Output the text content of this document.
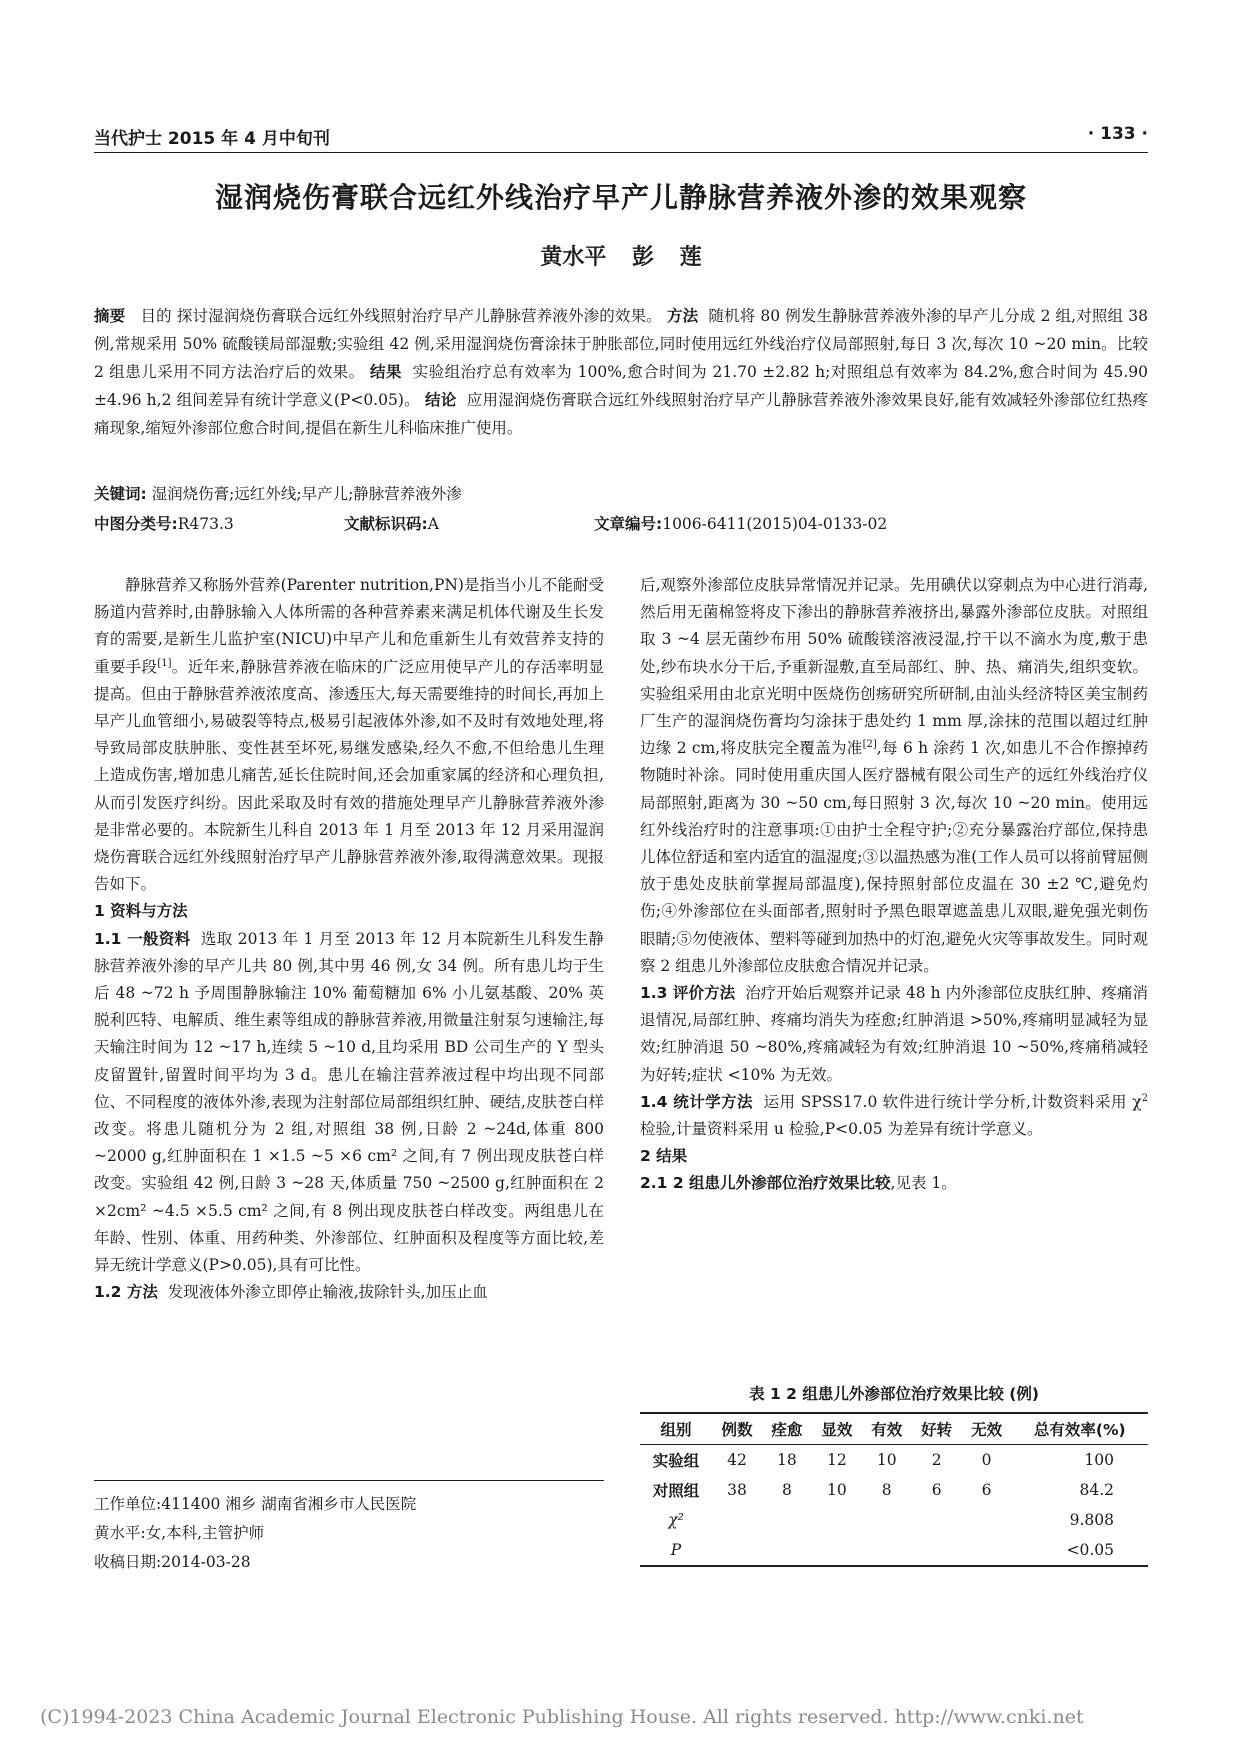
当代护士 2015 年 4 月中旬刊	· 133 ·
湿润烧伤膏联合远红外线治疗早产儿静脉营养液外渗的效果观察
黄水平 彭 莲
摘要 目的 探讨湿润烧伤膏联合远红外线照射治疗早产儿静脉营养液外渗的效果。 方法 随机将 80 例发生静脉营养液外渗的早产儿分成 2 组,对照组 38 例,常规采用 50% 硫酸镁局部湿敷;实验组 42 例,采用湿润烧伤膏涂抹于肿胀部位,同时使用远红外线治疗仪局部照射,每日 3 次,每次 10 ~20 min。比较 2 组患儿采用不同方法治疗后的效果。 结果 实验组治疗总有效率为 100%,愈合时间为 21.70 ±2.82 h;对照组总有效率为 84.2%,愈合时间为 45.90 ±4.96 h,2 组间差异有统计学意义(P<0.05)。 结论 应用湿润烧伤膏联合远红外线照射治疗早产儿静脉营养液外渗效果良好,能有效减轻外渗部位红热疼痛现象,缩短外渗部位愈合时间,提倡在新生儿科临床推广使用。
关键词: 湿润烧伤膏;远红外线;早产儿;静脉营养液外渗
中图分类号:R473.3	文献标识码:A	文章编号:1006-6411(2015)04-0133-02

静脉营养又称肠外营养(Parenter nutrition,PN)是指当小儿不能耐受肠道内营养时,由静脉输入人体所需的各种营养素来满足机体代谢及生长发育的需要,是新生儿监护室(NICU)中早产儿和危重新生儿有效营养支持的重要手段[1]。近年来,静脉营养液在临床的广泛应用使早产儿的存活率明显提高。但由于静脉营养液浓度高、渗透压大,每天需要维持的时间长,再加上早产儿血管细小,易破裂等特点,极易引起液体外渗,如不及时有效地处理,将导致局部皮肤肿胀、变性甚至坏死,易继发感染,经久不愈,不但给患儿生理上造成伤害,增加患儿痛苦,延长住院时间,还会加重家属的经济和心理负担,从而引发医疗纠纷。因此采取及时有效的措施处理早产儿静脉营养液外渗是非常必要的。本院新生儿科自 2013 年 1 月至 2013 年 12 月采用湿润烧伤膏联合远红外线照射治疗早产儿静脉营养液外渗,取得满意效果。现报告如下。

1 资料与方法

1.1 一般资料 选取 2013 年 1 月至 2013 年 12 月本院新生儿科发生静脉营养液外渗的早产儿共 80 例,其中男 46 例,女 34 例。所有患儿均于生后 48 ~72 h 予周围静脉输注 10% 葡萄糖加 6% 小儿氨基酸、20% 英脱利匹特、电解质、维生素等组成的静脉营养液,用微量注射泵匀速输注,每天输注时间为 12 ~17 h,连续 5 ~10 d,且均采用 BD 公司生产的 Y 型头皮留置针,留置时间平均为 3 d。患儿在输注营养液过程中均出现不同部位、不同程度的液体外渗,表现为注射部位局部组织红肿、硬结,皮肤苍白样改变。将患儿随机分为 2 组,对照组 38 例,日龄 2 ~24d,体重 800 ~2000 g,红肿面积在 1 ×1.5 ~5 ×6 cm² 之间,有 7 例出现皮肤苍白样改变。实验组 42 例,日龄 3 ~28 天,体质量 750 ~2500 g,红肿面积在 2 ×2cm² ~4.5 ×5.5 cm² 之间,有 8 例出现皮肤苍白样改变。两组患儿在年龄、性别、体重、用药种类、外渗部位、红肿面积及程度等方面比较,差异无统计学意义(P>0.05),具有可比性。

1.2 方法 发现液体外渗立即停止输液,拔除针头,加压止血

工作单位:411400 湘乡 湖南省湘乡市人民医院
黄水平:女,本科,主管护师
收稿日期:2014-03-28

后,观察外渗部位皮肤异常情况并记录。先用碘伏以穿刺点为中心进行消毒,然后用无菌棉签将皮下渗出的静脉营养液挤出,暴露外渗部位皮肤。对照组取 3 ~4 层无菌纱布用 50% 硫酸镁溶液浸湿,拧干以不滴水为度,敷于患处,纱布块水分干后,予重新湿敷,直至局部红、肿、热、痛消失,组织变软。实验组采用由北京光明中医烧伤创疡研究所研制,由汕头经济特区美宝制药厂生产的湿润烧伤膏均匀涂抹于患处约 1 mm 厚,涂抹的范围以超过红肿边缘 2 cm,将皮肤完全覆盖为准[2],每 6 h 涂药 1 次,如患儿不合作擦掉药物随时补涂。同时使用重庆国人医疗器械有限公司生产的远红外线治疗仪局部照射,距离为 30 ~50 cm,每日照射 3 次,每次 10 ~20 min。使用远红外线治疗时的注意事项:①由护士全程守护;②充分暴露治疗部位,保持患儿体位舒适和室内适宜的温湿度;③以温热感为准(工作人员可以将前臂屈侧放于患处皮肤前掌握局部温度),保持照射部位皮温在 30 ±2 ℃,避免灼伤;④外渗部位在头面部者,照射时予黑色眼罩遮盖患儿双眼,避免强光刺伤眼睛;⑤勿使液体、塑料等碰到加热中的灯泡,避免火灾等事故发生。同时观察 2 组患儿外渗部位皮肤愈合情况并记录。

1.3 评价方法 治疗开始后观察并记录 48 h 内外渗部位皮肤红肿、疼痛消退情况,局部红肿、疼痛均消失为痊愈;红肿消退 >50%,疼痛明显减轻为显效;红肿消退 50 ~80%,疼痛减轻为有效;红肿消退 10 ~50%,疼痛稍减轻为好转;症状 <10% 为无效。

1.4 统计学方法 运用 SPSS17.0 软件进行统计学分析,计数资料采用 $\chi^2$ 检验,计量资料采用 u 检验,P<0.05 为差异有统计学意义。

2 结果

2.1 2 组患儿外渗部位治疗效果比较,见表 1。

表 1 2 组患儿外渗部位治疗效果比较 (例)
组别	例数	痊愈	显效	有效	好转	无效	总有效率(%)
实验组	42	18	12	10	2	0	100
对照组	38	8	10	8	6	6	84.2
χ²							9.808
P							<0.05
(C)1994-2023 China Academic Journal Electronic Publishing House. All rights reserved. http://www.cnki.net
